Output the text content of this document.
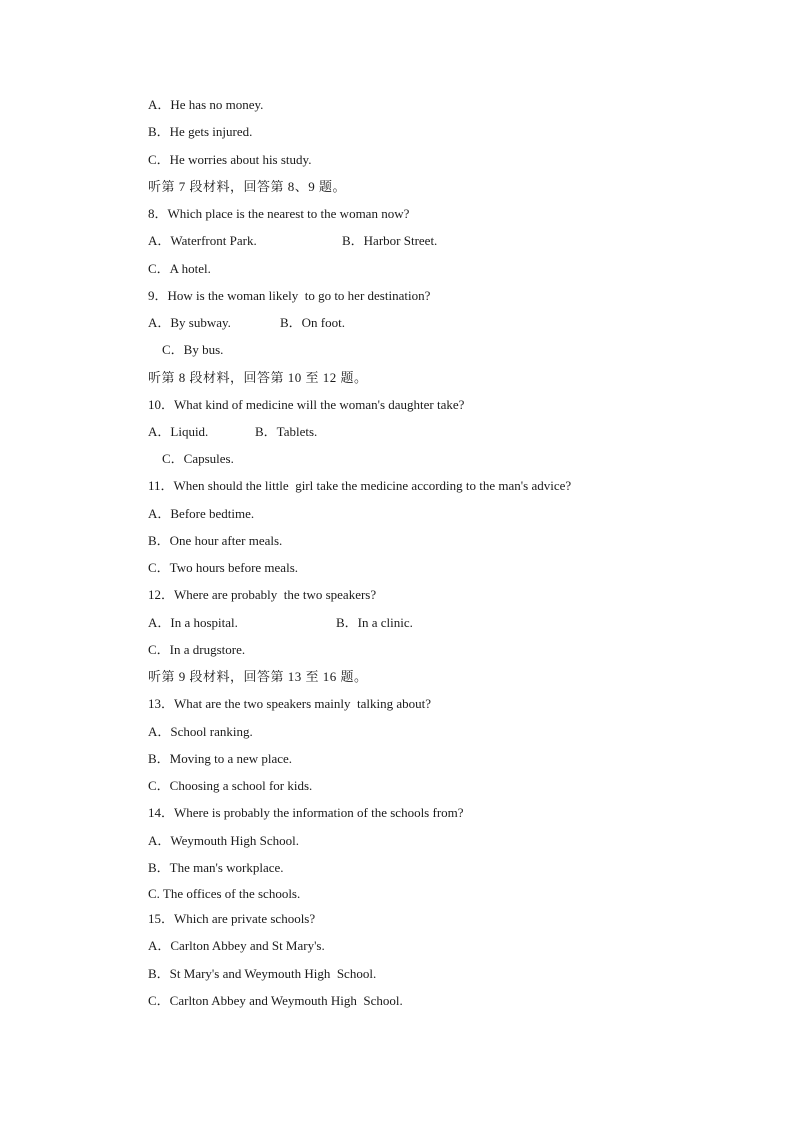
A．He has no money.
B．He gets injured.
C．He worries about his study.
听第 7 段材料，回答第 8、9 题。
8．Which place is the nearest to the woman now?
A．Waterfront Park.	B．Harbor Street.
C．A hotel.
9．How is the woman likely  to go to her destination?
A．By subway.	B．On foot.
C．By bus.
听第 8 段材料，回答第 10 至 12 题。
10．What kind of medicine will the woman's daughter take?
A．Liquid.	B．Tablets.
C．Capsules.
11．When should the little  girl take the medicine according to the man's advice?
A．Before bedtime.
B．One hour after meals.
C．Two hours before meals.
12．Where are probably  the two speakers?
A．In a hospital.	B．In a clinic.
C．In a drugstore.
听第 9 段材料，回答第 13 至 16 题。
13．What are the two speakers mainly  talking about?
A．School ranking.
B．Moving to a new place.
C．Choosing a school for kids.
14．Where is probably the information of the schools from?
A．Weymouth High School.
B．The man's workplace.
C. The offices of the schools.
15．Which are private schools?
A．Carlton Abbey and St Mary's.
B．St Mary's and Weymouth High  School.
C．Carlton Abbey and Weymouth High  School.
